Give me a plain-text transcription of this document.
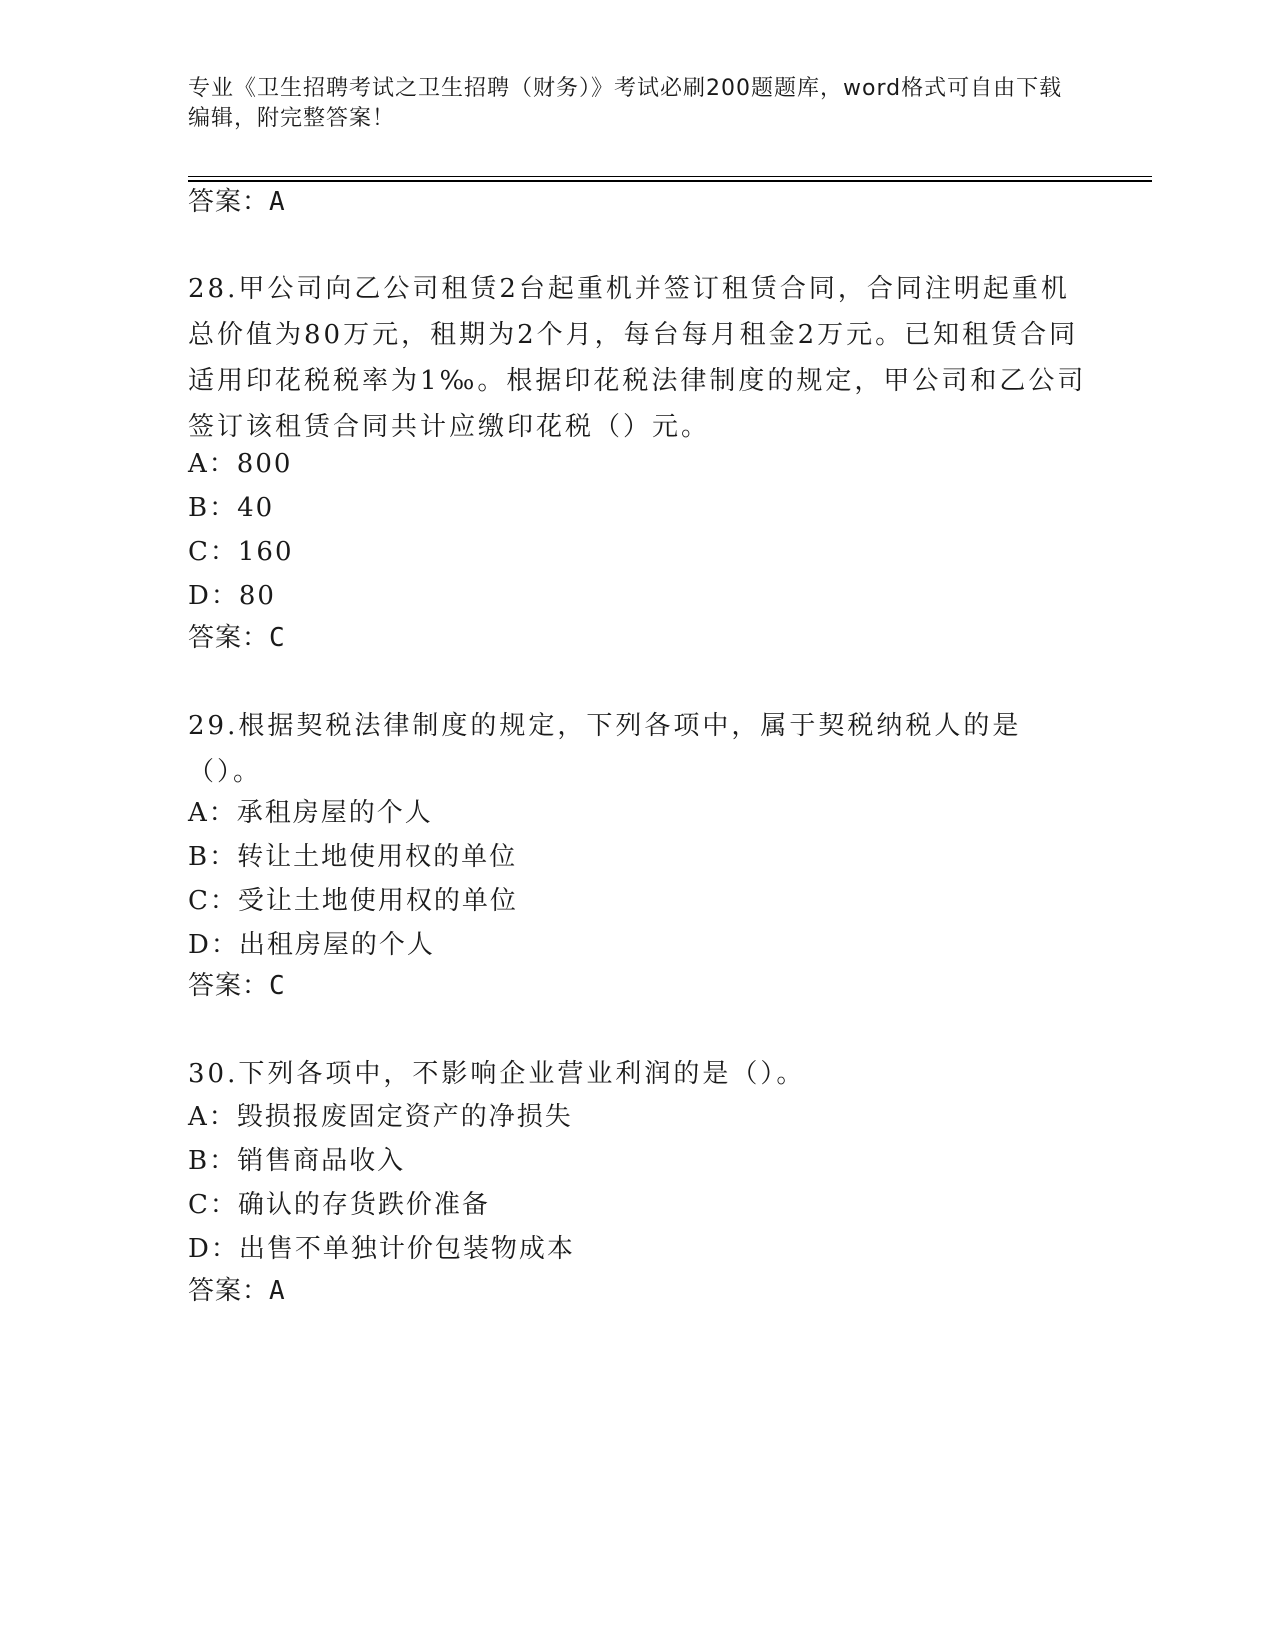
专业《卫生招聘考试之卫生招聘（财务）》考试必刷200题题库，word格式可自由下载编辑，附完整答案！
答案：A

28.甲公司向乙公司租赁2台起重机并签订租赁合同，合同注明起重机总价值为80万元，租期为2个月，每台每月租金2万元。已知租赁合同适用印花税税率为1‰。根据印花税法律制度的规定，甲公司和乙公司签订该租赁合同共计应缴印花税（）元。

A：800
B：40
C：160
D：80
答案：C

29.根据契税法律制度的规定，下列各项中，属于契税纳税人的是（）。

A：承租房屋的个人
B：转让土地使用权的单位
C：受让土地使用权的单位
D：出租房屋的个人
答案：C

30.下列各项中，不影响企业营业利润的是（）。

A：毁损报废固定资产的净损失
B：销售商品收入
C：确认的存货跌价准备
D：出售不单独计价包装物成本
答案：A
